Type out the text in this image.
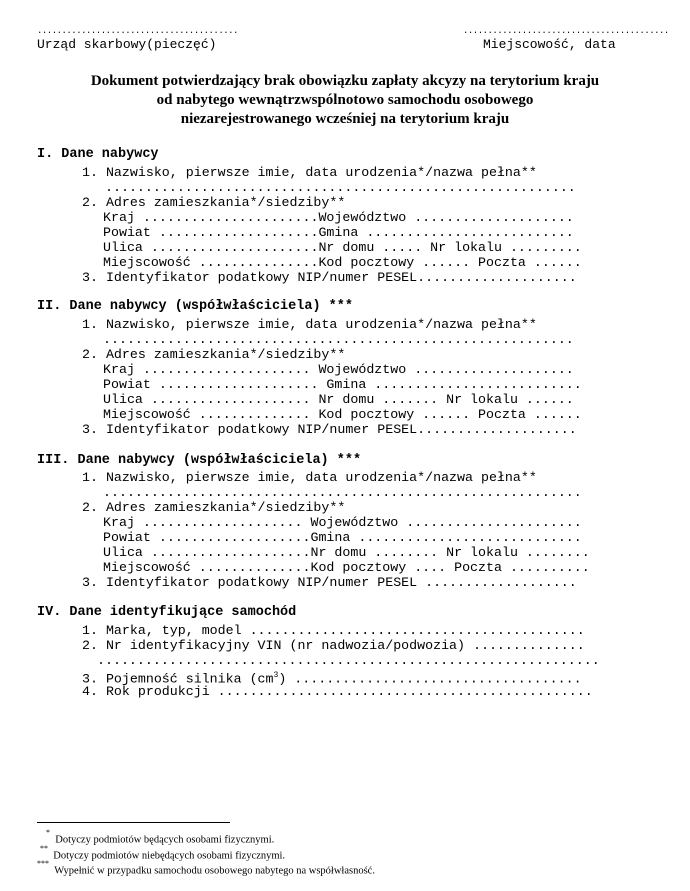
.........................................	..........................................
Urząd skarbowy(pieczęć)	Miejscowość, data
Dokument potwierdzający brak obowiązku zapłaty akcyzy na terytorium kraju
od nabytego wewnątrzwspólnotowo samochodu osobowego
niezarejestrowanego wcześniej na terytorium kraju
I. Dane nabywcy
1. Nazwisko, pierwsze imie, data urodzenia*/nazwa pełna**
...........................................................
2. Adres zamieszkania*/siedziby**
Kraj ......................Województwo ....................
Powiat ....................Gmina ..........................
Ulica .....................Nr domu ..... Nr lokalu .........
Miejscowość ...............Kod pocztowy ...... Poczta ......
3. Identyfikator podatkowy NIP/numer PESEL....................
II. Dane nabywcy (współwłaściciela) ***
1. Nazwisko, pierwsze imie, data urodzenia*/nazwa pełna**
...........................................................
2. Adres zamieszkania*/siedziby**
Kraj ..................... Województwo ....................
Powiat .................... Gmina ..........................
Ulica .................... Nr domu ....... Nr lokalu ......
Miejscowość .............. Kod pocztowy ...... Poczta ......
3. Identyfikator podatkowy NIP/numer PESEL....................
III. Dane nabywcy (współwłaściciela) ***
1. Nazwisko, pierwsze imie, data urodzenia*/nazwa pełna**
............................................................
2. Adres zamieszkania*/siedziby**
Kraj .................... Województwo ......................
Powiat ...................Gmina ............................
Ulica ....................Nr domu ........ Nr lokalu ........
Miejscowość ..............Kod pocztowy .... Poczta ..........
3. Identyfikator podatkowy NIP/numer PESEL ...................
IV. Dane identyfikujące samochód
1. Marka, typ, model ..........................................
2. Nr identyfikacyjny VIN (nr nadwozia/podwozia) ..............
...............................................................
3. Pojemność silnika $(cm^3)$ ....................................
4. Rok produkcji ...............................................
*  Dotyczy podmiotów będących osobami fizycznymi.
**  Dotyczy podmiotów niebędących osobami fizycznymi.
***  Wypełnić w przypadku samochodu osobowego nabytego na współwłasność.
